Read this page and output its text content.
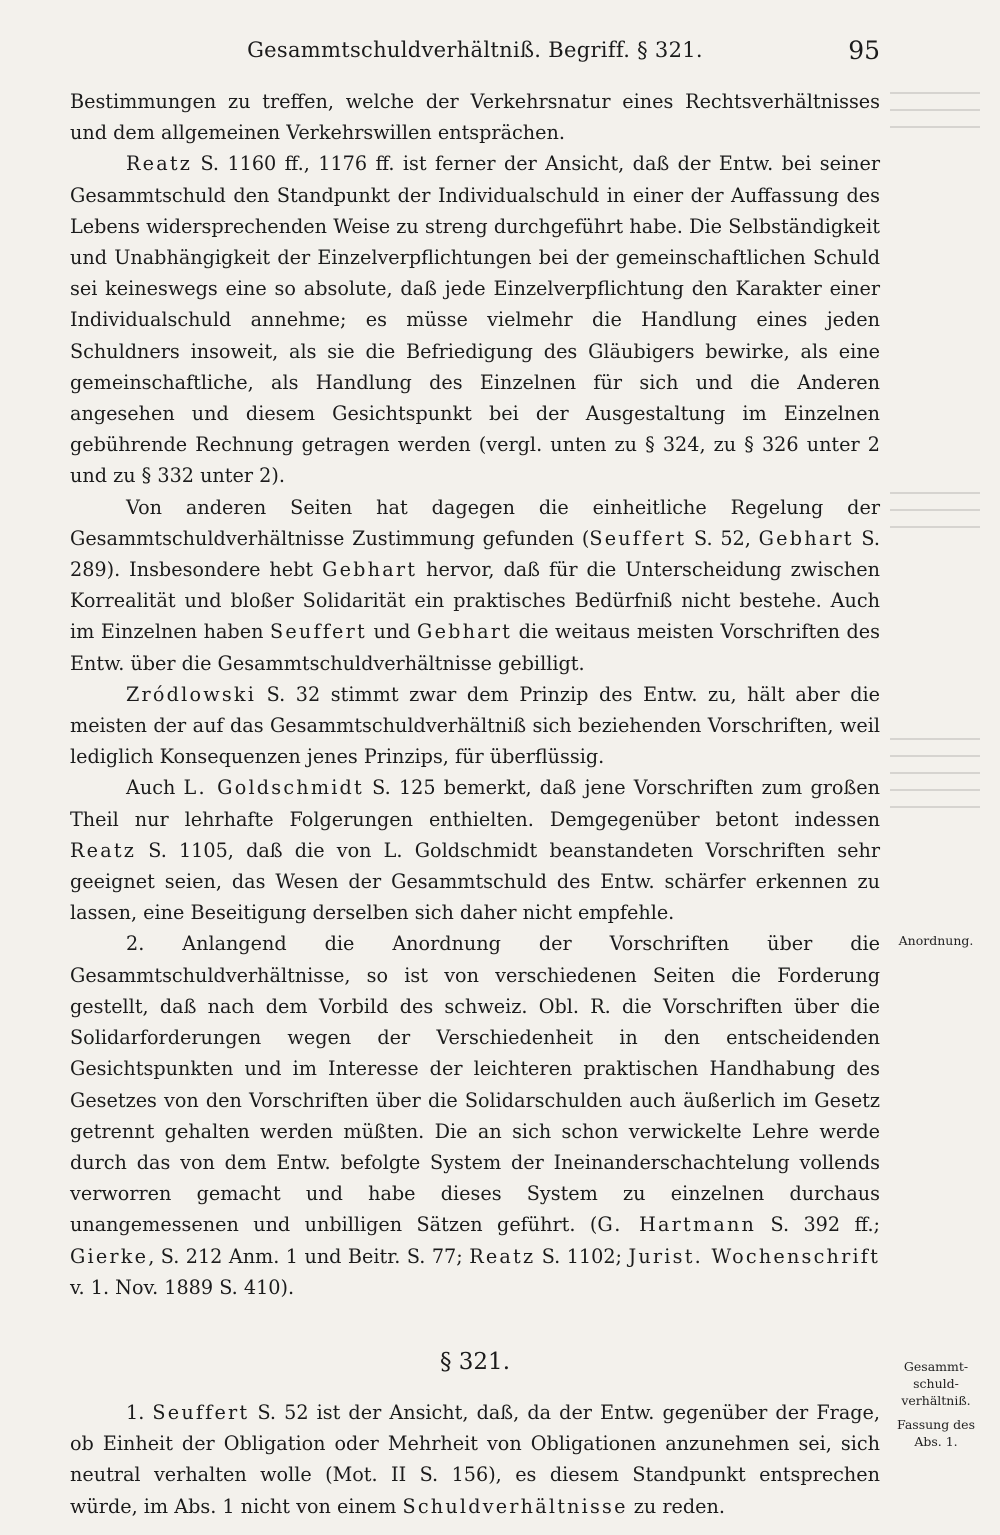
Gesammtschuldverhältniß. Begriff. § 321.	95

Bestimmungen zu treffen, welche der Verkehrsnatur eines Rechtsverhältnisses und dem allgemeinen Verkehrswillen entsprächen.

Reatz S. 1160 ff., 1176 ff. ist ferner der Ansicht, daß der Entw. bei seiner Gesammtschuld den Standpunkt der Individualschuld in einer der Auffassung des Lebens widersprechenden Weise zu streng durchgeführt habe. Die Selbständigkeit und Unabhängigkeit der Einzelverpflichtungen bei der gemeinschaftlichen Schuld sei keineswegs eine so absolute, daß jede Einzelverpflichtung den Karakter einer Individualschuld annehme; es müsse vielmehr die Handlung eines jeden Schuldners insoweit, als sie die Befriedigung des Gläubigers bewirke, als eine gemeinschaftliche, als Handlung des Einzelnen für sich und die Anderen angesehen und diesem Gesichtspunkt bei der Ausgestaltung im Einzelnen gebührende Rechnung getragen werden (vergl. unten zu § 324, zu § 326 unter 2 und zu § 332 unter 2).

Von anderen Seiten hat dagegen die einheitliche Regelung der Gesammtschuldverhältnisse Zustimmung gefunden (Seuffert S. 52, Gebhart S. 289). Insbesondere hebt Gebhart hervor, daß für die Unterscheidung zwischen Korrealität und bloßer Solidarität ein praktisches Bedürfniß nicht bestehe. Auch im Einzelnen haben Seuffert und Gebhart die weitaus meisten Vorschriften des Entw. über die Gesammtschuldverhältnisse gebilligt.

Zródlowski S. 32 stimmt zwar dem Prinzip des Entw. zu, hält aber die meisten der auf das Gesammtschuldverhältniß sich beziehenden Vorschriften, weil lediglich Konsequenzen jenes Prinzips, für überflüssig.

Auch L. Goldschmidt S. 125 bemerkt, daß jene Vorschriften zum großen Theil nur lehrhafte Folgerungen enthielten. Demgegenüber betont indessen Reatz S. 1105, daß die von L. Goldschmidt beanstandeten Vorschriften sehr geeignet seien, das Wesen der Gesammtschuld des Entw. schärfer erkennen zu lassen, eine Beseitigung derselben sich daher nicht empfehle.

2. Anlangend die Anordnung der Vorschriften über die Gesammtschuldverhältnisse, so ist von verschiedenen Seiten die Forderung gestellt, daß nach dem Vorbild des schweiz. Obl. R. die Vorschriften über die Solidarforderungen wegen der Verschiedenheit in den entscheidenden Gesichtspunkten und im Interesse der leichteren praktischen Handhabung des Gesetzes von den Vorschriften über die Solidarschulden auch äußerlich im Gesetz getrennt gehalten werden müßten. Die an sich schon verwickelte Lehre werde durch das von dem Entw. befolgte System der Ineinanderschachtelung vollends verworren gemacht und habe dieses System zu einzelnen durchaus unangemessenen und unbilligen Sätzen geführt. (G. Hartmann S. 392 ff.; Gierke, S. 212 Anm. 1 und Beitr. S. 77; Reatz S. 1102; Jurist. Wochenschrift v. 1. Nov. 1889 S. 410).

§ 321.

1. Seuffert S. 52 ist der Ansicht, daß, da der Entw. gegenüber der Frage, ob Einheit der Obligation oder Mehrheit von Obligationen anzunehmen sei, sich neutral verhalten wolle (Mot. II S. 156), es diesem Standpunkt entsprechen würde, im Abs. 1 nicht von einem Schuldverhältnisse zu reden.

Anordnung.
Gesammt-
schuld-
verhältniß.
Fassung des
Abs. 1.
